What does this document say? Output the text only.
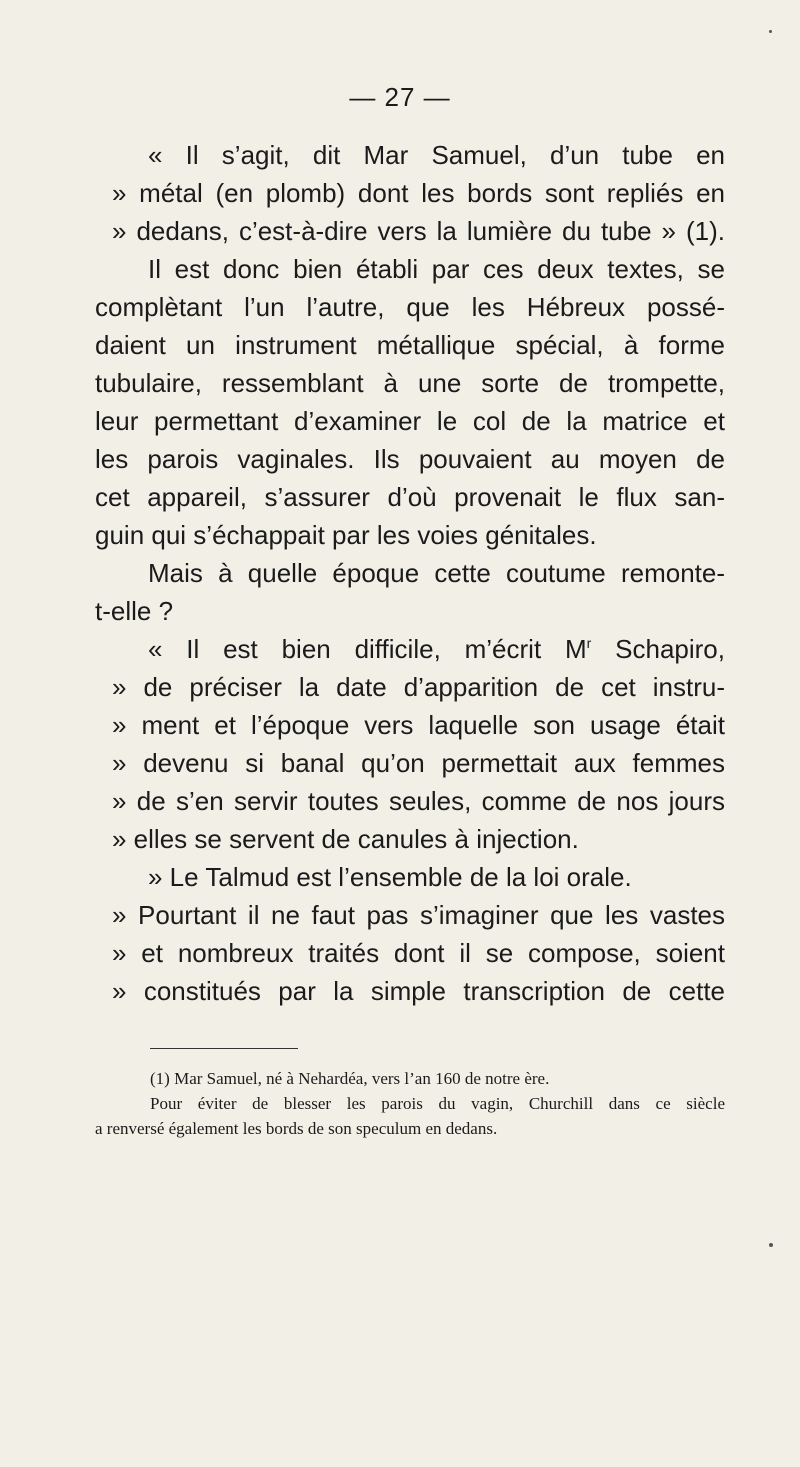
— 27 —
« Il s’agit, dit Mar Samuel, d’un tube en
» métal (en plomb) dont les bords sont repliés en
» dedans, c’est-à-dire vers la lumière du tube » (1).
Il est donc bien établi par ces deux textes, se
complètant l’un l’autre, que les Hébreux possé-
daient un instrument métallique spécial, à forme
tubulaire, ressemblant à une sorte de trompette,
leur permettant d’examiner le col de la matrice et
les parois vaginales. Ils pouvaient au moyen de
cet appareil, s’assurer d’où provenait le flux san-
guin qui s’échappait par les voies génitales.
Mais à quelle époque cette coutume remonte-
t-elle ?
« Il est bien difficile, m’écrit $M^r$ Schapiro,
» de préciser la date d’apparition de cet instru-
» ment et l’époque vers laquelle son usage était
» devenu si banal qu’on permettait aux femmes
» de s’en servir toutes seules, comme de nos jours
» elles se servent de canules à injection.
» Le Talmud est l’ensemble de la loi orale.
» Pourtant il ne faut pas s’imaginer que les vastes
» et nombreux traités dont il se compose, soient
» constitués par la simple transcription de cette
(1) Mar Samuel, né à Nehardéa, vers l’an 160 de notre ère.
Pour éviter de blesser les parois du vagin, Churchill dans ce siècle
a renversé également les bords de son speculum en dedans.
